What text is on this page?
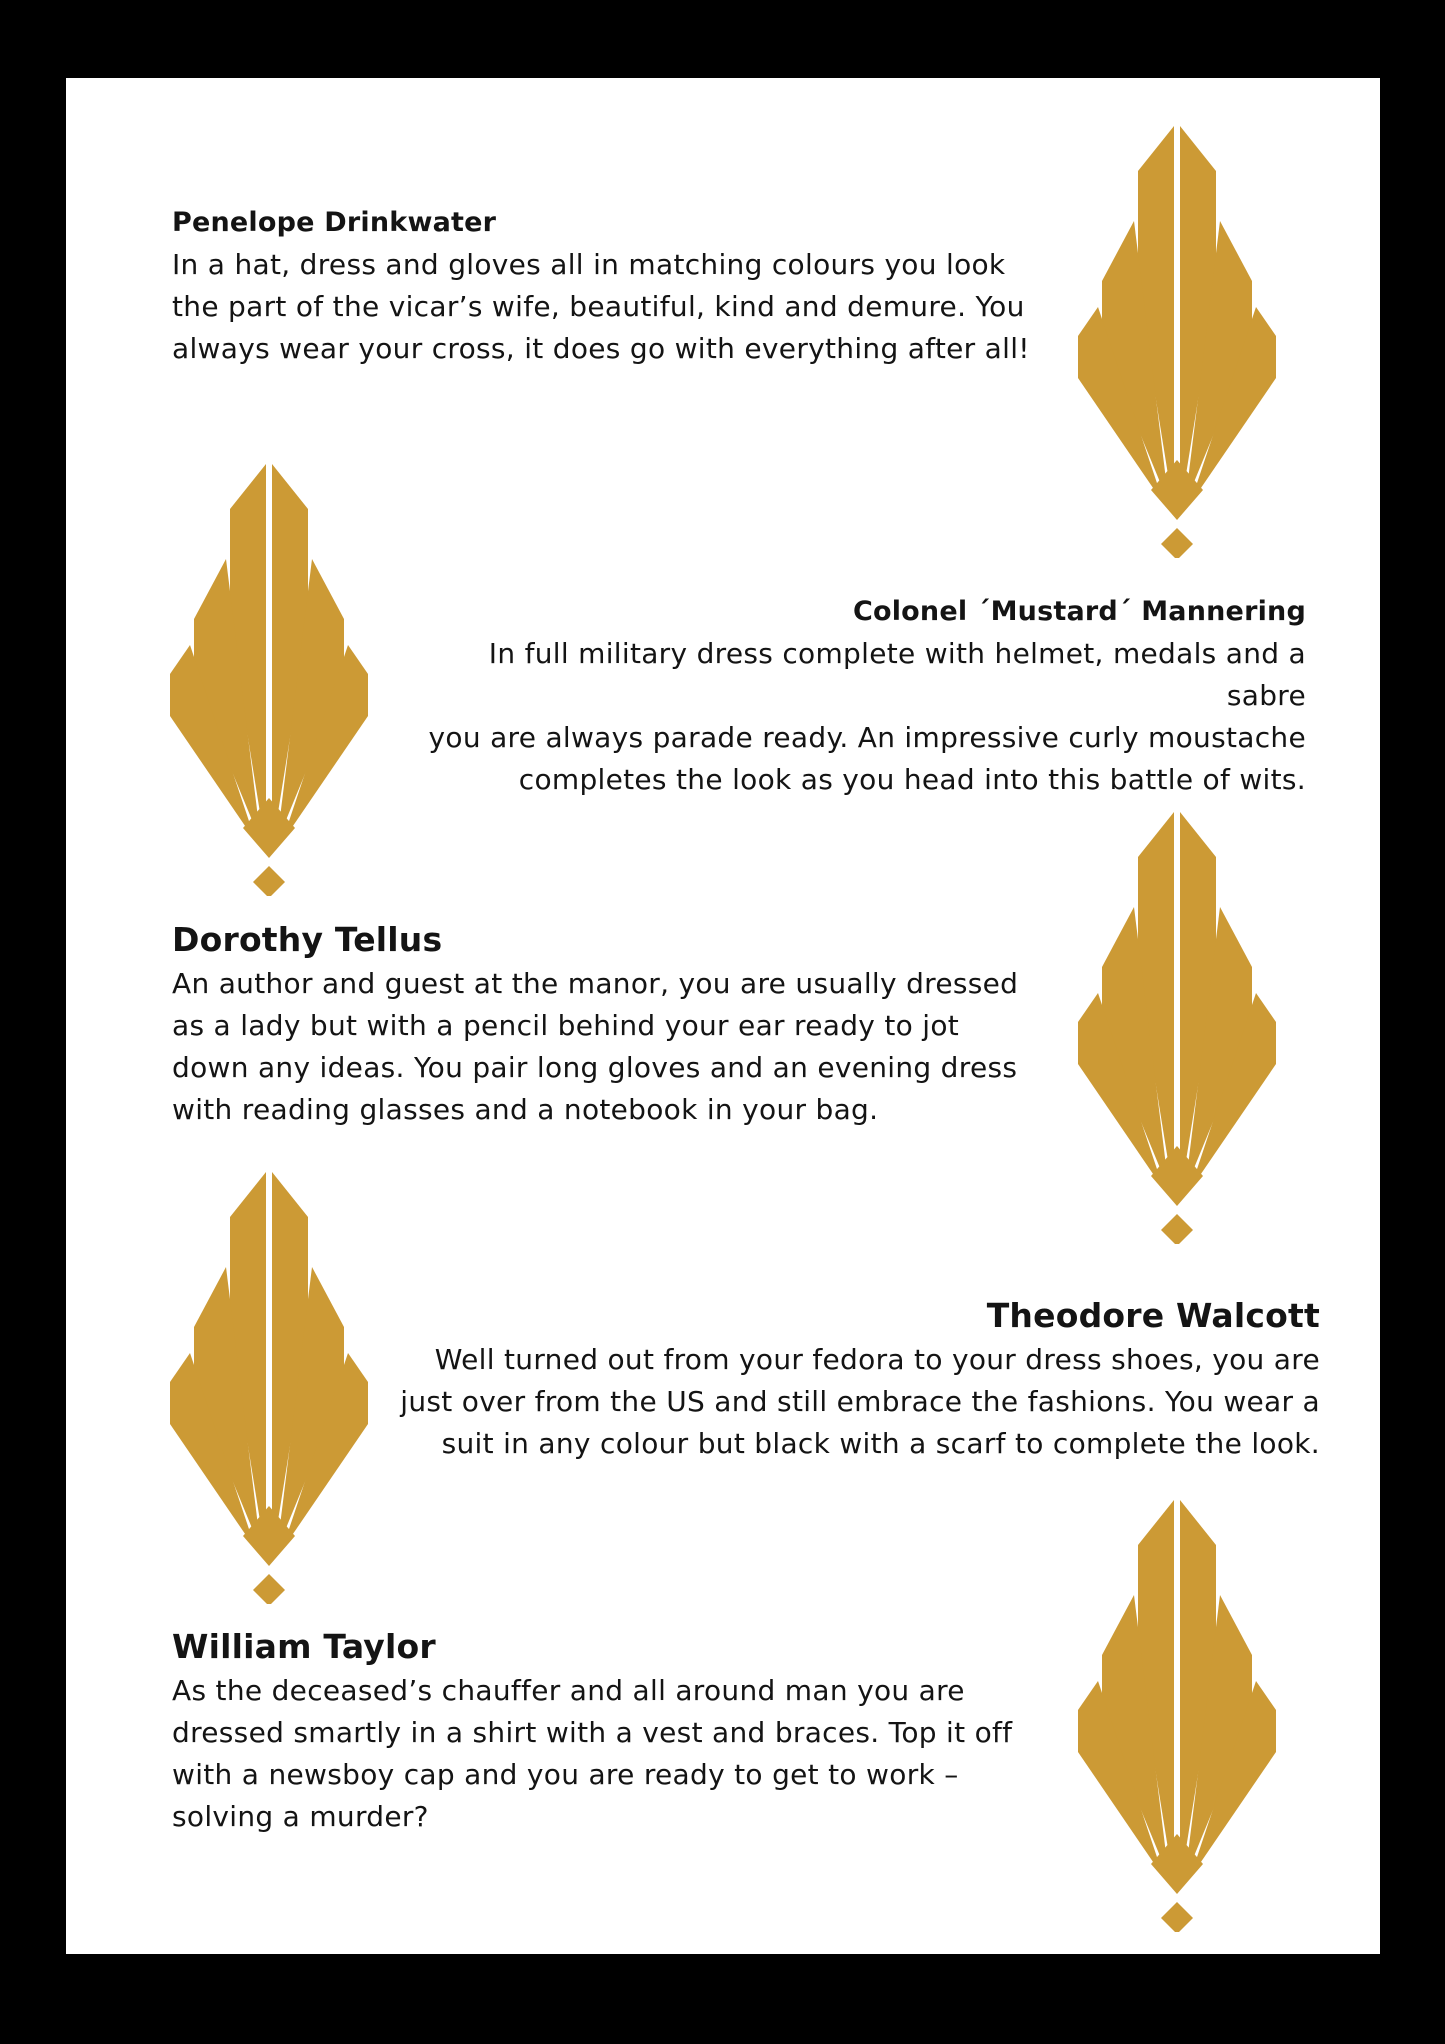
Penelope Drinkwater

In a hat, dress and gloves all in matching colours you look
the part of the vicar’s wife, beautiful, kind and demure. You
always wear your cross, it does go with everything after all!

Colonel ´Mustard´ Mannering

In full military dress complete with helmet, medals and a sabre
you are always parade ready. An impressive curly moustache
completes the look as you head into this battle of wits.

Dorothy Tellus

An author and guest at the manor, you are usually dressed
as a lady but with a pencil behind your ear ready to jot
down any ideas. You pair long gloves and an evening dress
with reading glasses and a notebook in your bag.

Theodore Walcott

Well turned out from your fedora to your dress shoes, you are
just over from the US and still embrace the fashions. You wear a
suit in any colour but black with a scarf to complete the look.

William Taylor

As the deceased’s chauffer and all around man you are
dressed smartly in a shirt with a vest and braces. Top it off
with a newsboy cap and you are ready to get to work –
solving a murder?
